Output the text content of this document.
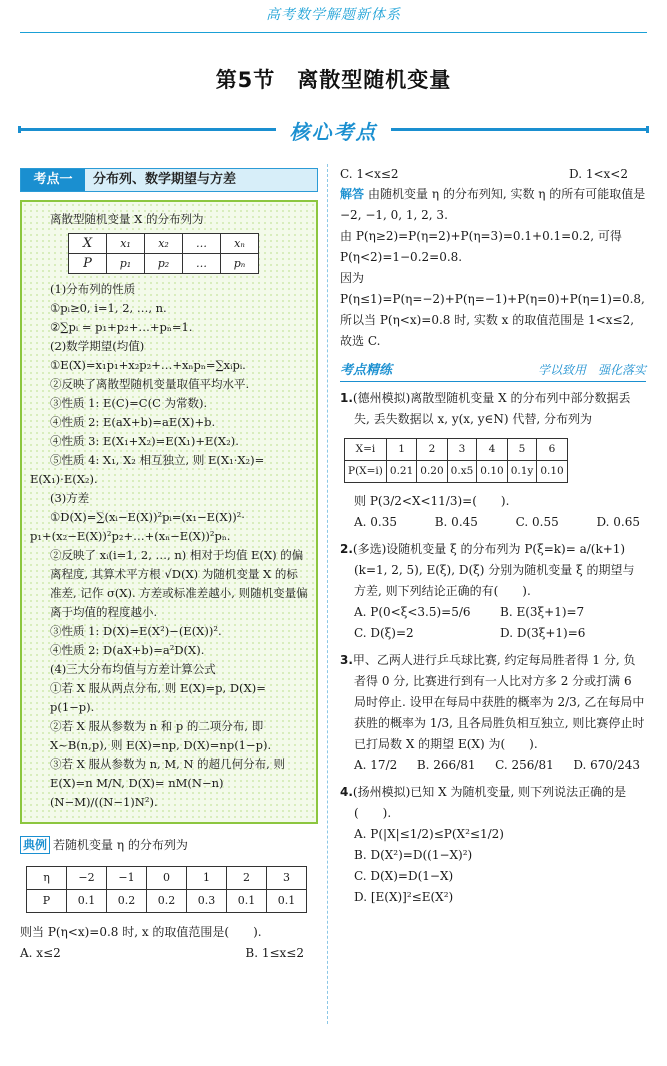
高考数学解题新体系
第5节　离散型随机变量
核心考点
考点一	分布列、数学期望与方差
离散型随机变量 X 的分布列为
X	x₁	x₂	…	xₙ
P	p₁	p₂	…	pₙ
(1)分布列的性质
①pᵢ≥0, i=1, 2, …, n.
②∑pᵢ = p₁+p₂+…+pₙ=1.
(2)数学期望(均值)
①E(X)=x₁p₁+x₂p₂+…+xₙpₙ=∑xᵢpᵢ.
②反映了离散型随机变量取值平均水平.
③性质 1: E(C)=C(C 为常数).
④性质 2: E(aX+b)=aE(X)+b.
④性质 3: E(X₁+X₂)=E(X₁)+E(X₂).
⑤性质 4: X₁, X₂ 相互独立, 则 E(X₁·X₂)=
E(X₁)·E(X₂).
(3)方差
①D(X)=∑(xᵢ−E(X))²pᵢ=(x₁−E(X))²·
p₁+(x₂−E(X))²p₂+…+(xₙ−E(X))²pₙ.
②反映了 xᵢ(i=1, 2, …, n) 相对于均值 E(X) 的偏离程度, 其算术平方根 √D(X) 为随机变量 X 的标准差, 记作 σ(X). 方差或标准差越小, 则随机变量偏离于均值的程度越小.
③性质 1: D(X)=E(X²)−(E(X))².
④性质 2: D(aX+b)=a²D(X).
(4)三大分布均值与方差计算公式
①若 X 服从两点分布, 则 E(X)=p, D(X)= p(1−p).
②若 X 服从参数为 n 和 p 的二项分布, 即 X~B(n,p), 则 E(X)=np, D(X)=np(1−p).
③若 X 服从参数为 n, M, N 的超几何分布, 则 E(X)=n M/N, D(X)= nM(N−n)(N−M)/((N−1)N²).
典例 若随机变量 η 的分布列为
η	−2	−1	0	1	2	3
P	0.1	0.2	0.2	0.3	0.1	0.1
则当 P(η<x)=0.8 时, x 的取值范围是(　　).
A. x≤2	B. 1≤x≤2
C. 1<x≤2	D. 1<x<2
解答 由随机变量 η 的分布列知, 实数 η 的所有可能取值是 −2, −1, 0, 1, 2, 3.
由 P(η≥2)=P(η=2)+P(η=3)=0.1+0.1=0.2, 可得 P(η<2)=1−0.2=0.8.
因为 P(η≤1)=P(η=−2)+P(η=−1)+P(η=0)+P(η=1)=0.8, 所以当 P(η<x)=0.8 时, 实数 x 的取值范围是 1<x≤2, 故选 C.
考点精练	学以致用　强化落实
1.(德州模拟)离散型随机变量 X 的分布列中部分数据丢失, 丢失数据以 x, y(x, y∈N) 代替, 分布列为
X=i	1	2	3	4	5	6
P(X=i)	0.21	0.20	0.x5	0.10	0.1y	0.10
则 P(3/2<X<11/3)=(　　).
A. 0.35	B. 0.45	C. 0.55	D. 0.65
2.(多选)设随机变量 ξ 的分布列为 P(ξ=k)= a/(k+1) (k=1, 2, 5), E(ξ), D(ξ) 分别为随机变量 ξ 的期望与方差, 则下列结论正确的有(　　).
A. P(0<ξ<3.5)=5/6	B. E(3ξ+1)=7
C. D(ξ)=2	D. D(3ξ+1)=6
3.甲、乙两人进行乒乓球比赛, 约定每局胜者得 1 分, 负者得 0 分, 比赛进行到有一人比对方多 2 分或打满 6 局时停止. 设甲在每局中获胜的概率为 2/3, 乙在每局中获胜的概率为 1/3, 且各局胜负相互独立, 则比赛停止时已打局数 X 的期望 E(X) 为(　　).
A. 17/2 B. 266/81 C. 256/81 D. 670/243
4.(扬州模拟)已知 X 为随机变量, 则下列说法正确的是(　　).
A. P(|X|≤1/2)≤P(X²≤1/2)
B. D(X²)=D((1−X)²)
C. D(X)=D(1−X)
D. [E(X)]²≤E(X²)
